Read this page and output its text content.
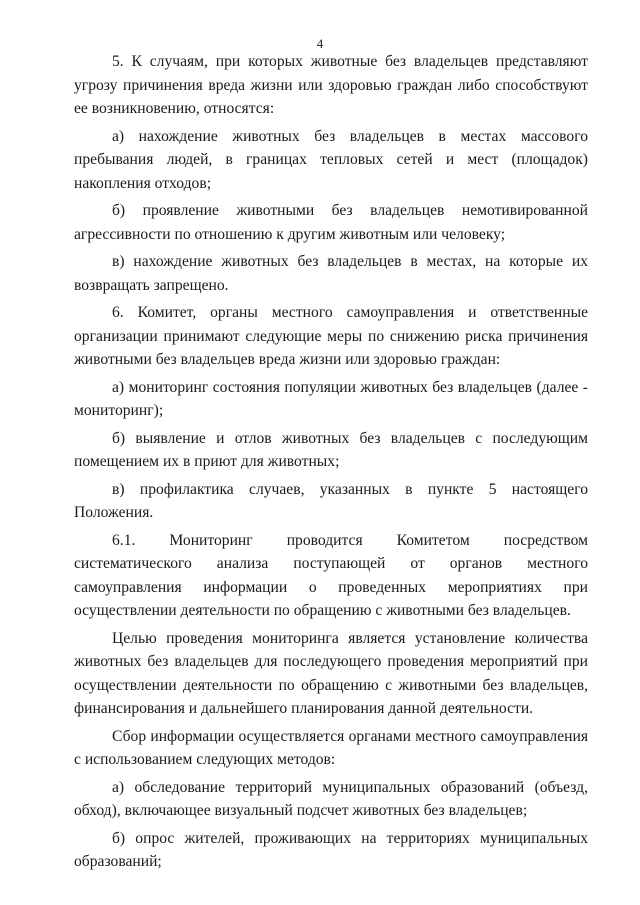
4

5. К случаям, при которых животные без владельцев представляют угрозу причинения вреда жизни или здоровью граждан либо способствуют ее возникновению, относятся:

а) нахождение животных без владельцев в местах массового пребывания людей, в границах тепловых сетей и мест (площадок) накопления отходов;

б) проявление животными без владельцев немотивированной агрессивности по отношению к другим животным или человеку;

в) нахождение животных без владельцев в местах, на которые их возвращать запрещено.

6. Комитет, органы местного самоуправления и ответственные организации принимают следующие меры по снижению риска причинения животными без владельцев вреда жизни или здоровью граждан:

а) мониторинг состояния популяции животных без владельцев (далее - мониторинг);

б) выявление и отлов животных без владельцев с последующим помещением их в приют для животных;

в) профилактика случаев, указанных в пункте 5 настоящего Положения.

6.1. Мониторинг проводится Комитетом посредством систематического анализа поступающей от органов местного самоуправления информации о проведенных мероприятиях при осуществлении деятельности по обращению с животными без владельцев.

Целью проведения мониторинга является установление количества животных без владельцев для последующего проведения мероприятий при осуществлении деятельности по обращению с животными без владельцев, финансирования и дальнейшего планирования данной деятельности.

Сбор информации осуществляется органами местного самоуправления с использованием следующих методов:

а) обследование территорий муниципальных образований (объезд, обход), включающее визуальный подсчет животных без владельцев;

б) опрос жителей, проживающих на территориях муниципальных образований;
